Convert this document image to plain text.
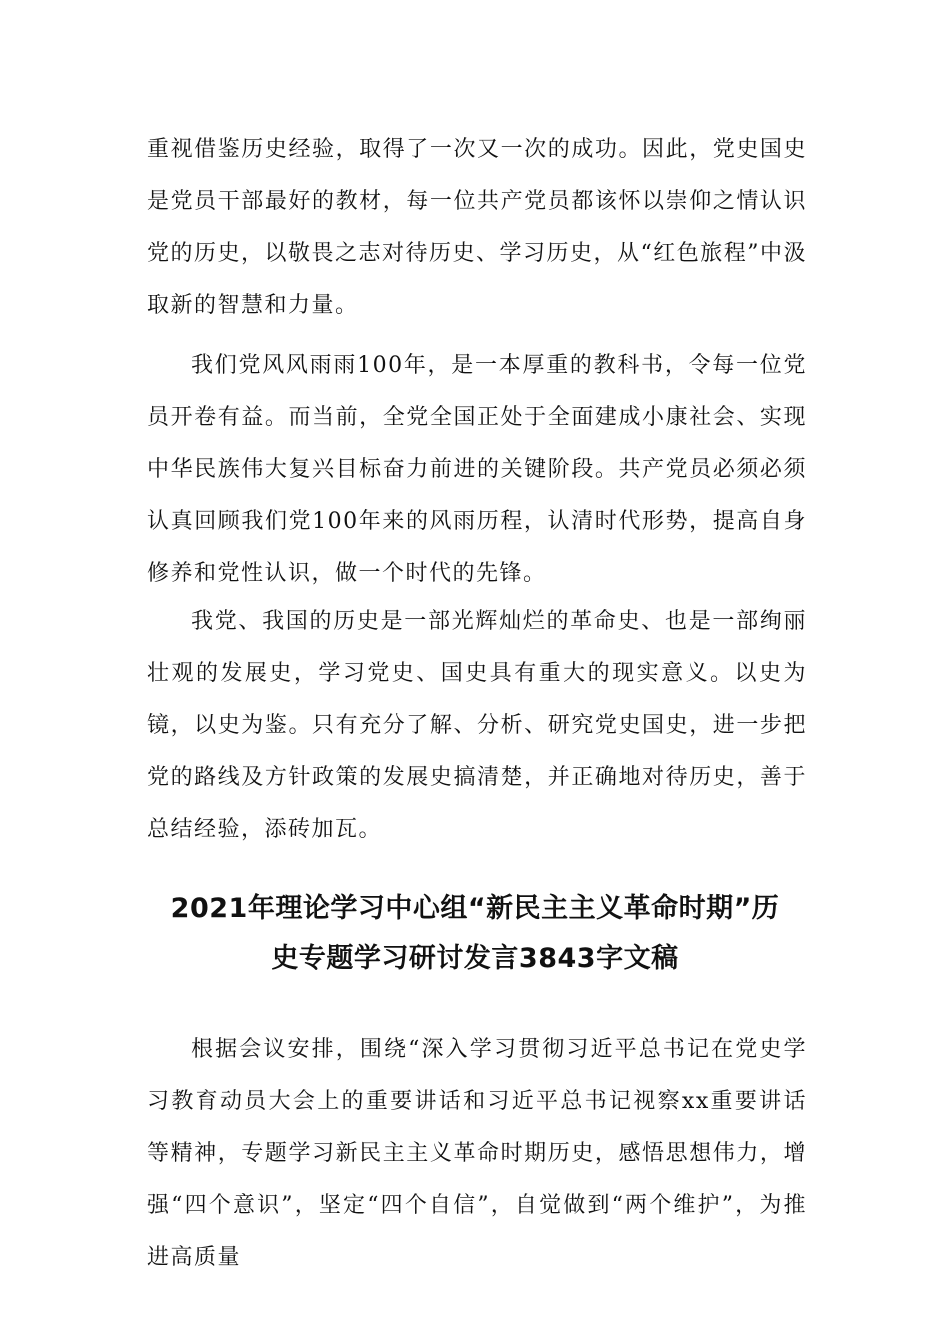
重视借鉴历史经验，取得了一次又一次的成功。因此，党史国史是党员干部最好的教材，每一位共产党员都该怀以崇仰之情认识党的历史，以敬畏之志对待历史、学习历史，从“红色旅程”中汲取新的智慧和力量。

我们党风风雨雨100年，是一本厚重的教科书，令每一位党员开卷有益。而当前，全党全国正处于全面建成小康社会、实现中华民族伟大复兴目标奋力前进的关键阶段。共产党员必须必须认真回顾我们党100年来的风雨历程，认清时代形势，提高自身修养和党性认识，做一个时代的先锋。

我党、我国的历史是一部光辉灿烂的革命史、也是一部绚丽壮观的发展史，学习党史、国史具有重大的现实意义。以史为镜，以史为鉴。只有充分了解、分析、研究党史国史，进一步把党的路线及方针政策的发展史搞清楚，并正确地对待历史，善于总结经验，添砖加瓦。

2021年理论学习中心组“新民主主义革命时期”历
史专题学习研讨发言3843字文稿

根据会议安排，围绕“深入学习贯彻习近平总书记在党史学习教育动员大会上的重要讲话和习近平总书记视察xx重要讲话等精神，专题学习新民主主义革命时期历史，感悟思想伟力，增强“四个意识”，坚定“四个自信”，自觉做到“两个维护”，为推进高质量
